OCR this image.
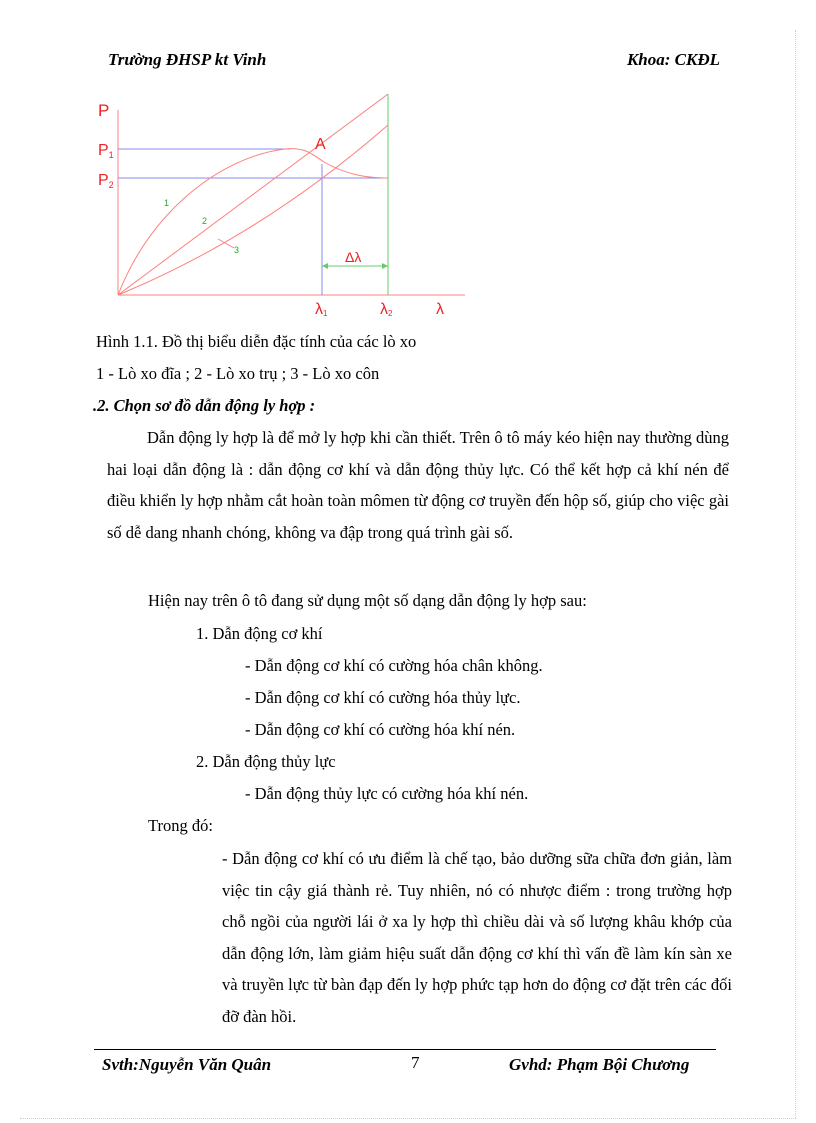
Trường ĐHSP kt Vinh	Khoa: CKĐL
P
P1
P2
A
1
2
3	Δλ
λ1	λ2	λ
Hình 1.1. Đồ thị biểu diễn đặc tính của các lò xo
1 - Lò xo đĩa ; 2 - Lò xo trụ ; 3 - Lò xo côn
.2. Chọn sơ đồ dẫn động ly hợp :

Dẫn động ly hợp là để mở ly hợp khi cần thiết. Trên ô tô máy kéo hiện nay thường dùng hai loại dẫn động là : dẫn động cơ khí và dẫn động thủy lực. Có thể kết hợp cả khí nén để điều khiển ly hợp nhằm cắt hoàn toàn mômen từ động cơ truyền đến hộp số, giúp cho việc gài số dễ dang nhanh chóng, không va đập trong quá trình gài số.

Hiện nay trên ô tô đang sử dụng một số dạng dẫn động ly hợp sau:
1. Dẫn động cơ khí
- Dẫn động cơ khí có cường hóa chân không.
- Dẫn động cơ khí có cường hóa thủy lực.
- Dẫn động cơ khí có cường hóa khí nén.
2. Dẫn động thủy lực
- Dẫn động thủy lực có cường hóa khí nén.
Trong đó:

- Dẫn động cơ khí có ưu điểm là chế tạo, bảo dưỡng sữa chữa đơn giản, làm việc tin cậy giá thành rẻ. Tuy nhiên, nó có nhược điểm : trong trường hợp chỗ ngồi của người lái ở xa ly hợp thì chiều dài và số lượng khâu khớp của dẫn động lớn, làm giảm hiệu suất dẫn động cơ khí thì vấn đề làm kín sàn xe và truyền lực từ bàn đạp đến ly hợp phức tạp hơn do động cơ đặt trên các đối đỡ đàn hồi.

Svth:Nguyễn Văn Quân	7	Gvhd: Phạm Bội Chương
